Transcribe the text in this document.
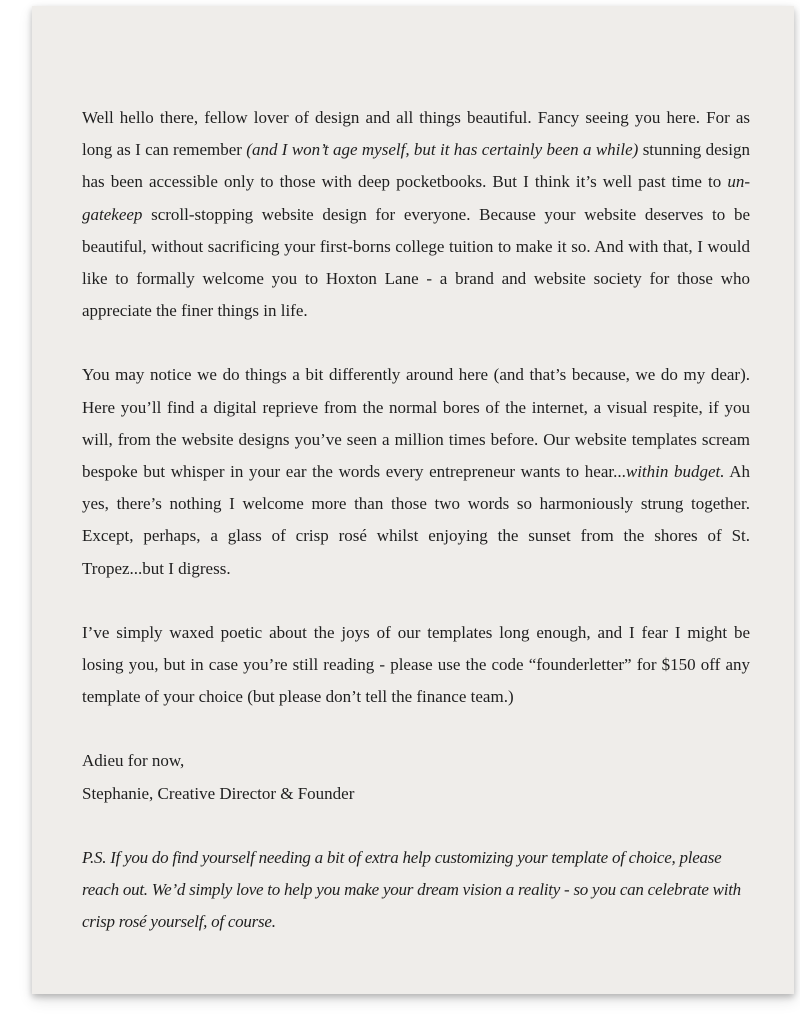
Well hello there, fellow lover of design and all things beautiful. Fancy seeing you here. For as long as I can remember (and I won’t age myself, but it has certainly been a while) stunning design has been accessible only to those with deep pocketbooks. But I think it’s well past time to un-gatekeep scroll-stopping website design for everyone. Because your website deserves to be beautiful, without sacrificing your first-borns college tuition to make it so. And with that, I would like to formally welcome you to Hoxton Lane - a brand and website society for those who appreciate the finer things in life.

You may notice we do things a bit differently around here (and that’s because, we do my dear). Here you’ll find a digital reprieve from the normal bores of the internet, a visual respite, if you will, from the website designs you’ve seen a million times before. Our website templates scream bespoke but whisper in your ear the words every entrepreneur wants to hear...within budget. Ah yes, there’s nothing I welcome more than those two words so harmoniously strung together. Except, perhaps, a glass of crisp rosé whilst enjoying the sunset from the shores of St. Tropez...but I digress.

I’ve simply waxed poetic about the joys of our templates long enough, and I fear I might be losing you, but in case you’re still reading - please use the code “founderletter” for $150 off any template of your choice (but please don’t tell the finance team.)

Adieu for now,

Stephanie, Creative Director & Founder

P.S. If you do find yourself needing a bit of extra help customizing your template of choice, please reach out. We’d simply love to help you make your dream vision a reality - so you can celebrate with crisp rosé yourself, of course.
